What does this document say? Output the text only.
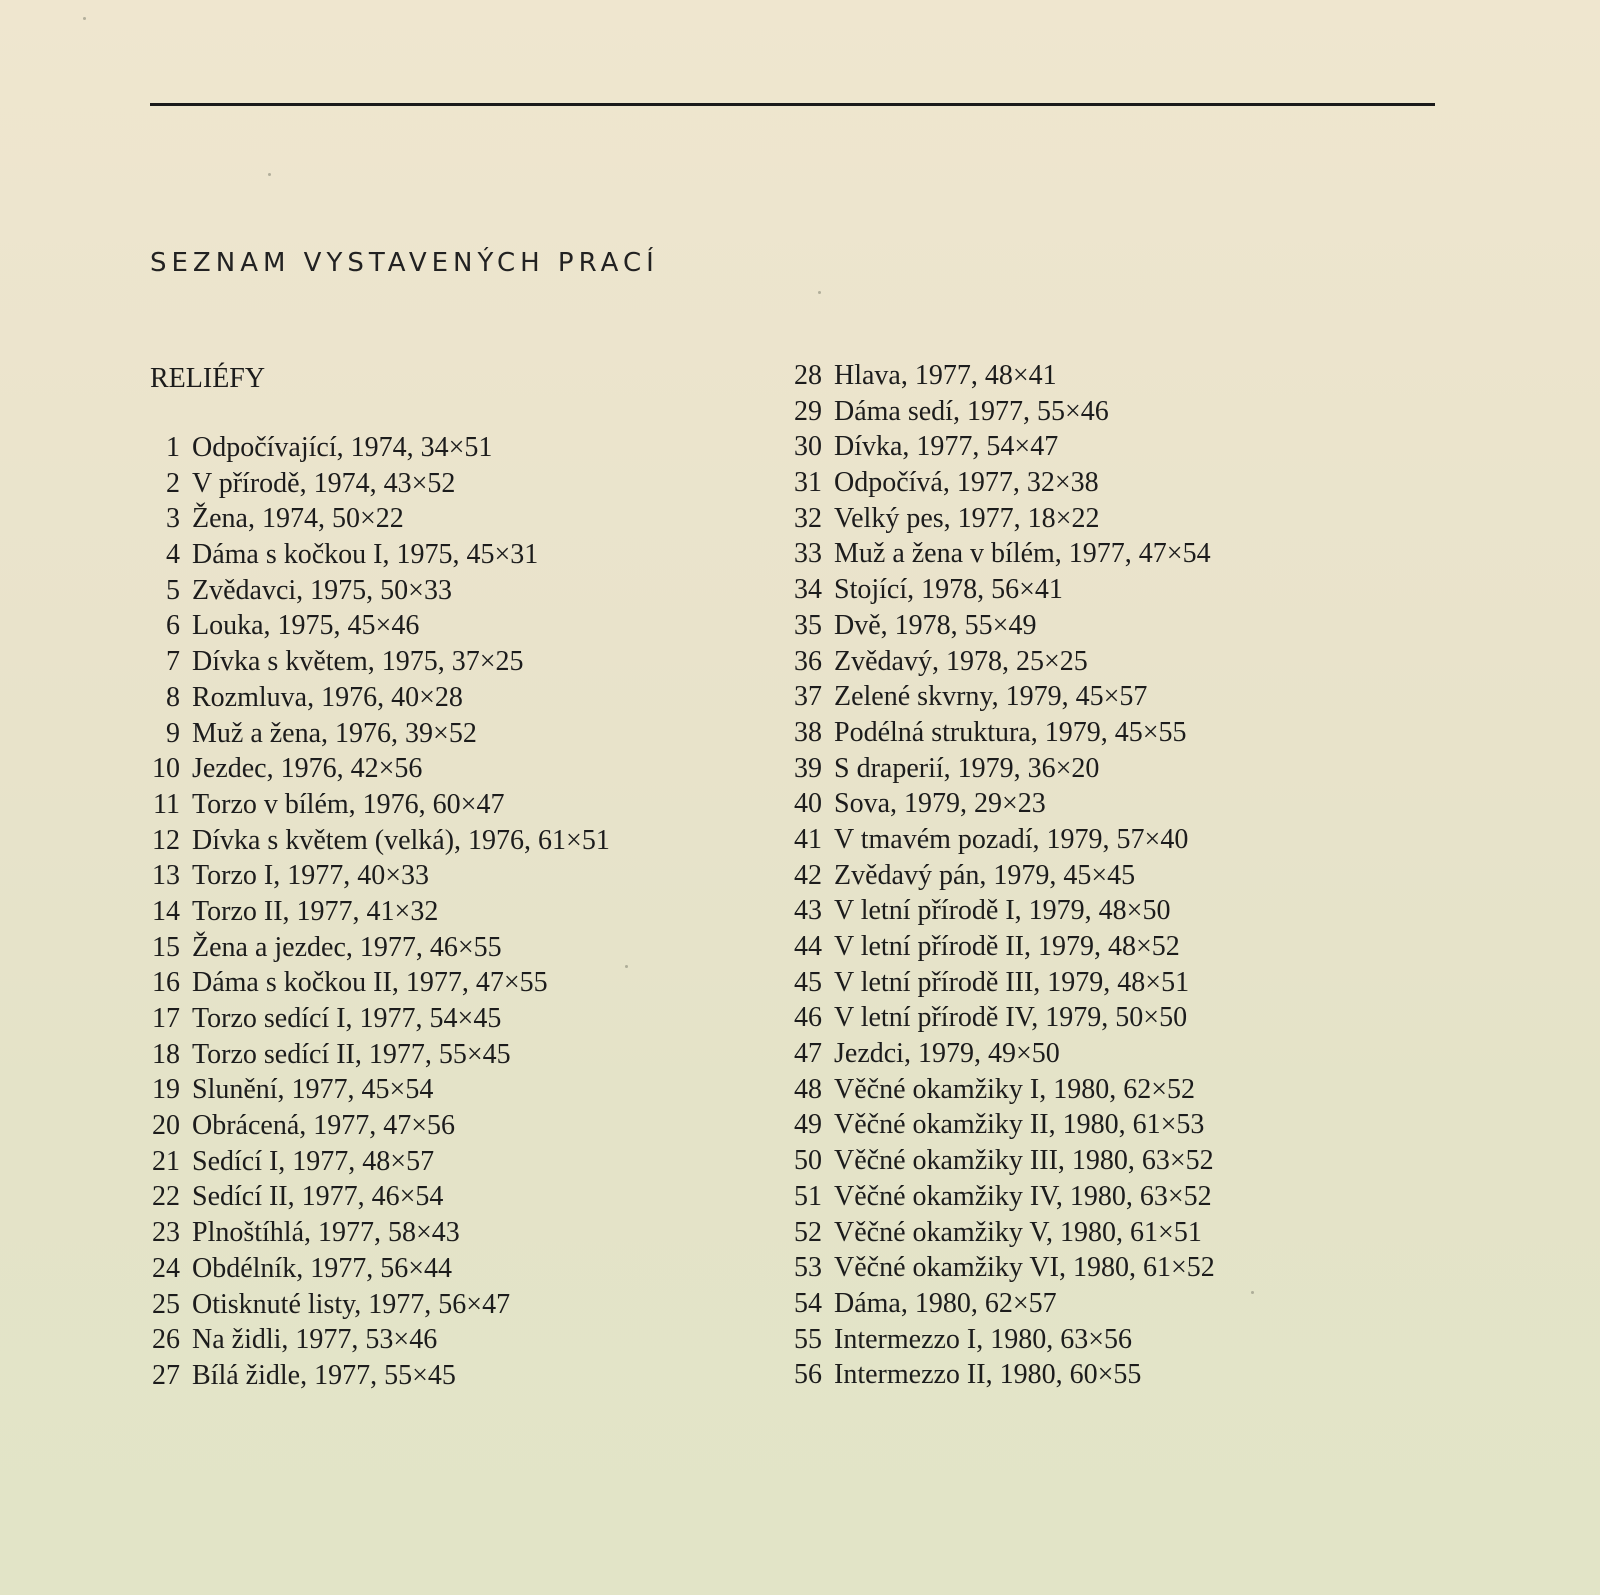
SEZNAM VYSTAVENÝCH PRACÍ
RELIÉFY
1 Odpočívající, 1974, 34×51
2 V přírodě, 1974, 43×52
3 Žena, 1974, 50×22
4 Dáma s kočkou I, 1975, 45×31
5 Zvědavci, 1975, 50×33
6 Louka, 1975, 45×46
7 Dívka s květem, 1975, 37×25
8 Rozmluva, 1976, 40×28
9 Muž a žena, 1976, 39×52
10 Jezdec, 1976, 42×56
11 Torzo v bílém, 1976, 60×47
12 Dívka s květem (velká), 1976, 61×51
13 Torzo I, 1977, 40×33
14 Torzo II, 1977, 41×32
15 Žena a jezdec, 1977, 46×55
16 Dáma s kočkou II, 1977, 47×55
17 Torzo sedící I, 1977, 54×45
18 Torzo sedící II, 1977, 55×45
19 Slunění, 1977, 45×54
20 Obrácená, 1977, 47×56
21 Sedící I, 1977, 48×57
22 Sedící II, 1977, 46×54
23 Plnoštíhlá, 1977, 58×43
24 Obdélník, 1977, 56×44
25 Otisknuté listy, 1977, 56×47
26 Na židli, 1977, 53×46
27 Bílá židle, 1977, 55×45
28 Hlava, 1977, 48×41
29 Dáma sedí, 1977, 55×46
30 Dívka, 1977, 54×47
31 Odpočívá, 1977, 32×38
32 Velký pes, 1977, 18×22
33 Muž a žena v bílém, 1977, 47×54
34 Stojící, 1978, 56×41
35 Dvě, 1978, 55×49
36 Zvědavý, 1978, 25×25
37 Zelené skvrny, 1979, 45×57
38 Podélná struktura, 1979, 45×55
39 S draperií, 1979, 36×20
40 Sova, 1979, 29×23
41 V tmavém pozadí, 1979, 57×40
42 Zvědavý pán, 1979, 45×45
43 V letní přírodě I, 1979, 48×50
44 V letní přírodě II, 1979, 48×52
45 V letní přírodě III, 1979, 48×51
46 V letní přírodě IV, 1979, 50×50
47 Jezdci, 1979, 49×50
48 Věčné okamžiky I, 1980, 62×52
49 Věčné okamžiky II, 1980, 61×53
50 Věčné okamžiky III, 1980, 63×52
51 Věčné okamžiky IV, 1980, 63×52
52 Věčné okamžiky V, 1980, 61×51
53 Věčné okamžiky VI, 1980, 61×52
54 Dáma, 1980, 62×57
55 Intermezzo I, 1980, 63×56
56 Intermezzo II, 1980, 60×55
